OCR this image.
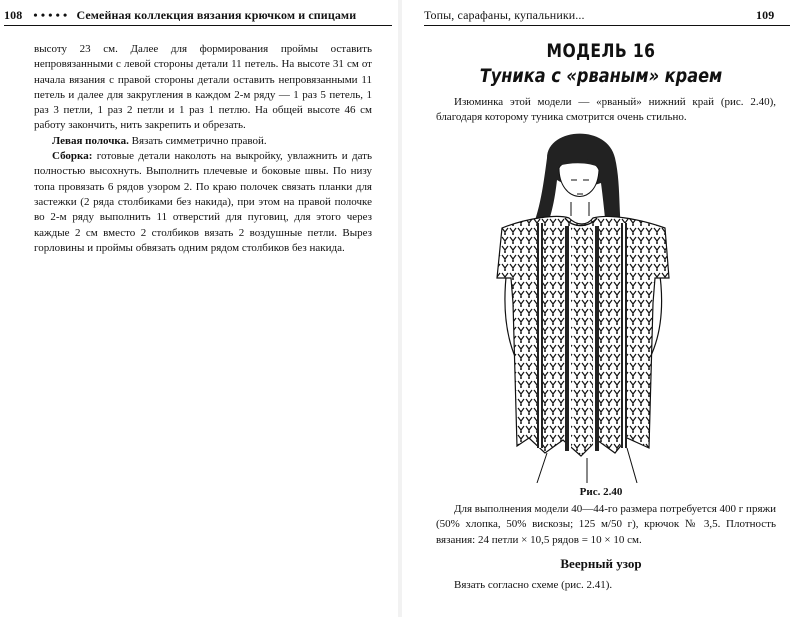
108 • • • • • Семейная коллекция вязания крючком и спицами

высоту 23 см. Далее для формирования проймы оставить непровязанными с левой стороны детали 11 петель. На высоте 31 см от начала вязания с правой стороны детали оставить непровязанными 11 петель и далее для закругления в каждом 2-м ряду — 1 раз 5 петель, 1 раз 3 петли, 1 раз 2 петли и 1 раз 1 петлю. На общей высоте 46 см работу закончить, нить закрепить и обрезать.

Левая полочка. Вязать симметрично правой.

Сборка: готовые детали наколоть на выкройку, увлажнить и дать полностью высохнуть. Выполнить плечевые и боковые швы. По низу топа провязать 6 рядов узором 2. По краю полочек связать планки для застежки (2 ряда столбиками без накида), при этом на правой полочке во 2-м ряду выполнить 11 отверстий для пуговиц, для этого через каждые 2 см вместо 2 столбиков вязать 2 воздушные петли. Вырез горловины и проймы обвязать одним рядом столбиков без накида.

Топы, сарафаны, купальники...	109
МОДЕЛЬ 16
Туника с «рваным» краем

Изюминка этой модели — «рваный» нижний край (рис. 2.40), благодаря которому туника смотрится очень стильно.

Рис. 2.40

Для выполнения модели 40—44-го размера потребуется 400 г пряжи (50% хлопка, 50% вискозы; 125 м/50 г), крючок № 3,5. Плотность вязания: 24 петли × 10,5 рядов = 10 × 10 см.

Веерный узор

Вязать согласно схеме (рис. 2.41).
